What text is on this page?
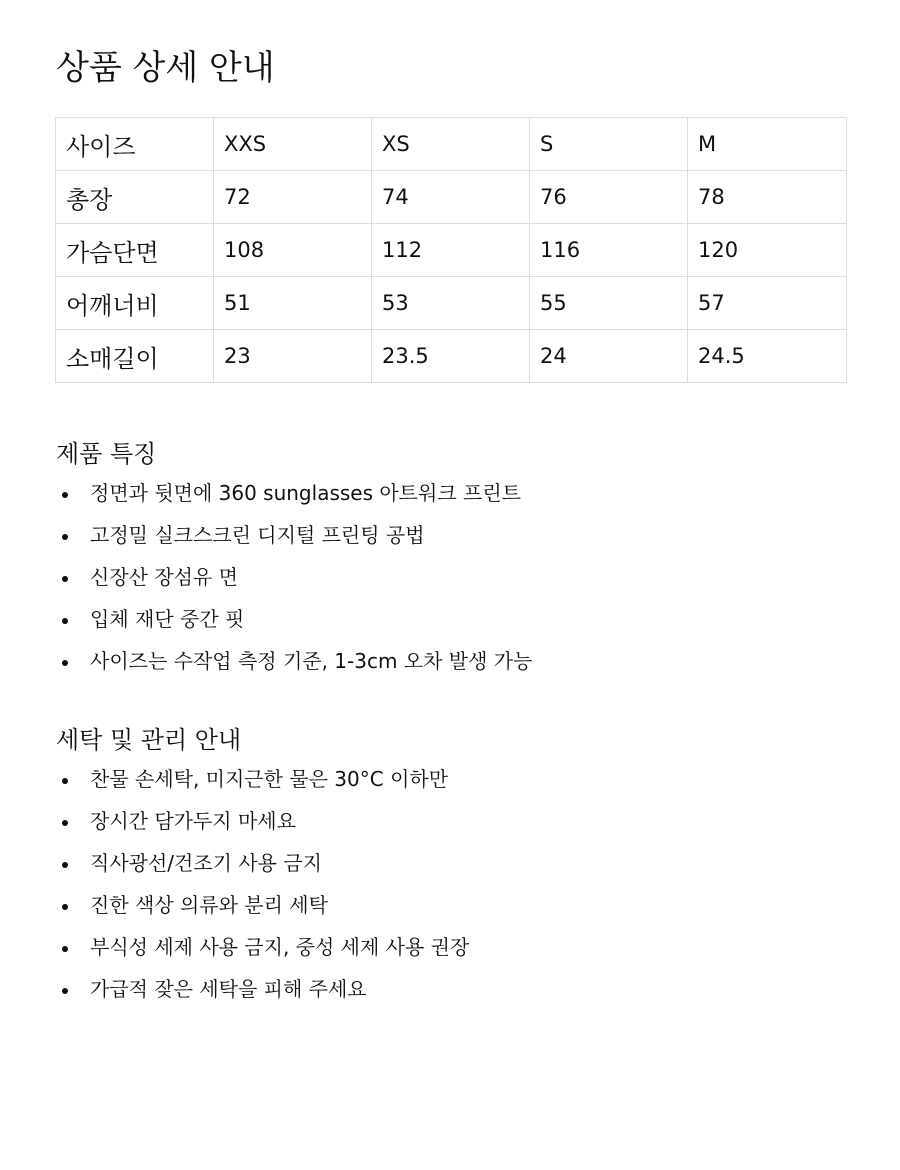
상품 상세 안내
사이즈	XXS	XS	S	M
총장	72	74	76	78
가슴단면	108	112	116	120
어깨너비	51	53	55	57
소매길이	23	23.5	24	24.5
제품 특징
정면과 뒷면에 360 sunglasses 아트워크 프린트
고정밀 실크스크린 디지털 프린팅 공법
신장산 장섬유 면
입체 재단 중간 핏
사이즈는 수작업 측정 기준, 1-3cm 오차 발생 가능
세탁 및 관리 안내
찬물 손세탁, 미지근한 물은 30°C 이하만
장시간 담가두지 마세요
직사광선/건조기 사용 금지
진한 색상 의류와 분리 세탁
부식성 세제 사용 금지, 중성 세제 사용 권장
가급적 잦은 세탁을 피해 주세요
